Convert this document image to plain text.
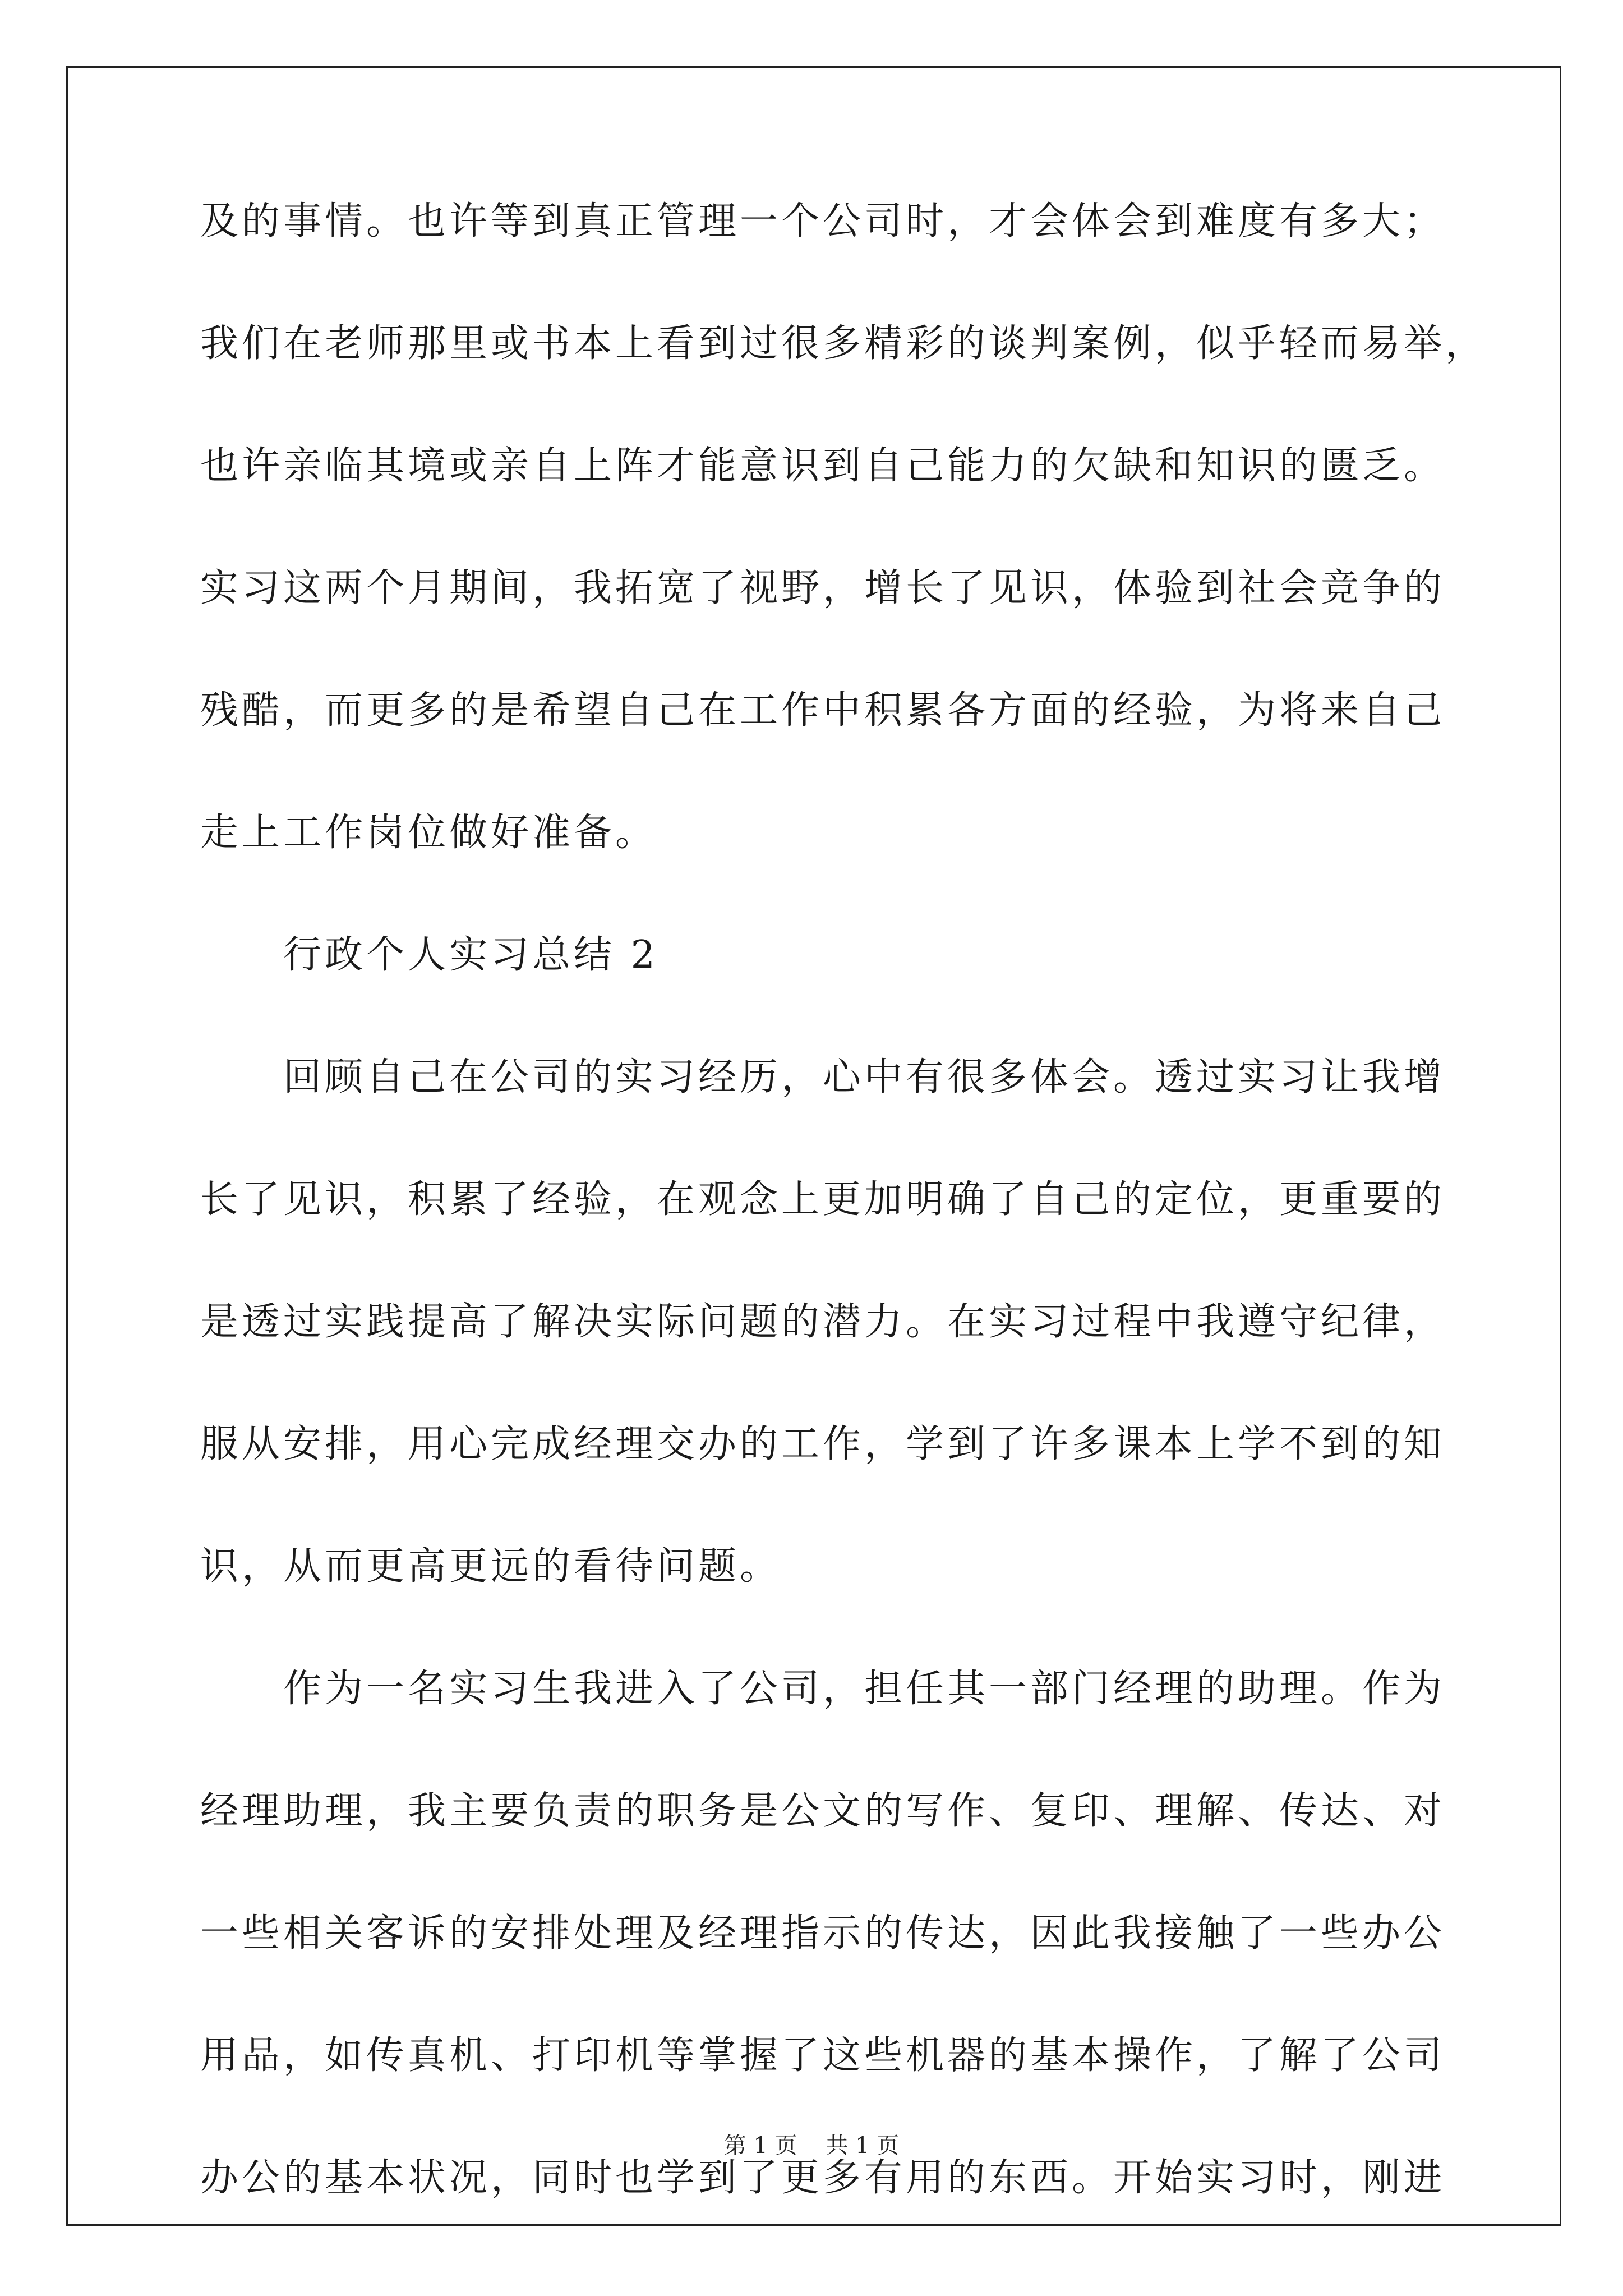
及的事情。也许等到真正管理一个公司时，才会体会到难度有多大；
我们在老师那里或书本上看到过很多精彩的谈判案例，似乎轻而易举，
也许亲临其境或亲自上阵才能意识到自己能力的欠缺和知识的匮乏。
实习这两个月期间，我拓宽了视野，增长了见识，体验到社会竞争的
残酷，而更多的是希望自己在工作中积累各方面的经验，为将来自己
走上工作岗位做好准备。
行政个人实习总结 2
回顾自己在公司的实习经历，心中有很多体会。透过实习让我增
长了见识，积累了经验，在观念上更加明确了自己的定位，更重要的
是透过实践提高了解决实际问题的潜力。在实习过程中我遵守纪律，
服从安排，用心完成经理交办的工作，学到了许多课本上学不到的知
识，从而更高更远的看待问题。
作为一名实习生我进入了公司，担任其一部门经理的助理。作为
经理助理，我主要负责的职务是公文的写作、复印、理解、传达、对
一些相关客诉的安排处理及经理指示的传达，因此我接触了一些办公
用品，如传真机、打印机等掌握了这些机器的基本操作，了解了公司
办公的基本状况，同时也学到了更多有用的东西。开始实习时，刚进
第 1 页    共 1 页
